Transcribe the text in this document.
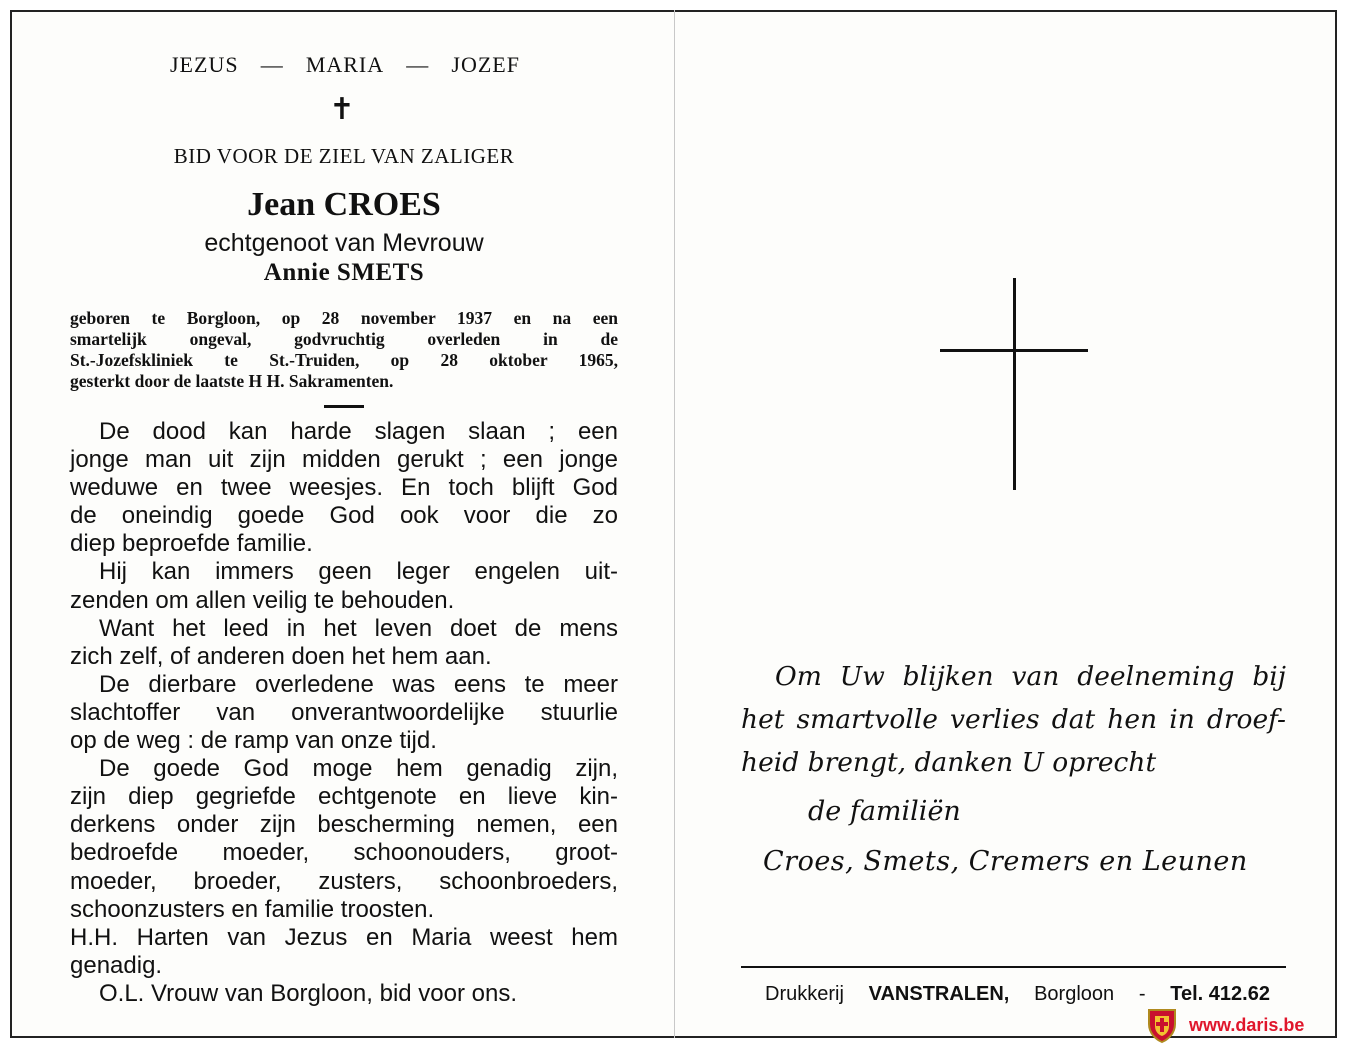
JEZUS — MARIA — JOZEF
✝
BID VOOR DE ZIEL VAN ZALIGER
Jean CROES
echtgenoot van Mevrouw
Annie SMETS
geboren te Borgloon, op 28 november 1937 en na een
smartelijk ongeval, godvruchtig overleden in de
St.-Jozefskliniek te St.-Truiden, op 28 oktober 1965,
gesterkt door de laatste H H. Sakramenten.
De dood kan harde slagen slaan ; een
jonge man uit zijn midden gerukt ; een jonge
weduwe en twee weesjes. En toch blijft God
de oneindig goede God ook voor die zo
diep beproefde familie.
Hij kan immers geen leger engelen uit-
zenden om allen veilig te behouden.
Want het leed in het leven doet de mens
zich zelf, of anderen doen het hem aan.
De dierbare overledene was eens te meer
slachtoffer van onverantwoordelijke stuurlie
op de weg : de ramp van onze tijd.
De goede God moge hem genadig zijn,
zijn diep gegriefde echtgenote en lieve kin-
derkens onder zijn bescherming nemen, een
bedroefde moeder, schoonouders, groot-
moeder, broeder, zusters, schoonbroeders,
schoonzusters en familie troosten.
H.H. Harten van Jezus en Maria weest hem
genadig.
O.L. Vrouw van Borgloon, bid voor ons.
Om Uw blijken van deelneming bij
het smartvolle verlies dat hen in droef-
heid brengt, danken U oprecht
de familiën
Croes, Smets, Cremers en Leunen
Drukkerij VANSTRALEN, Borgloon - Tel. 412.62
www.daris.be
